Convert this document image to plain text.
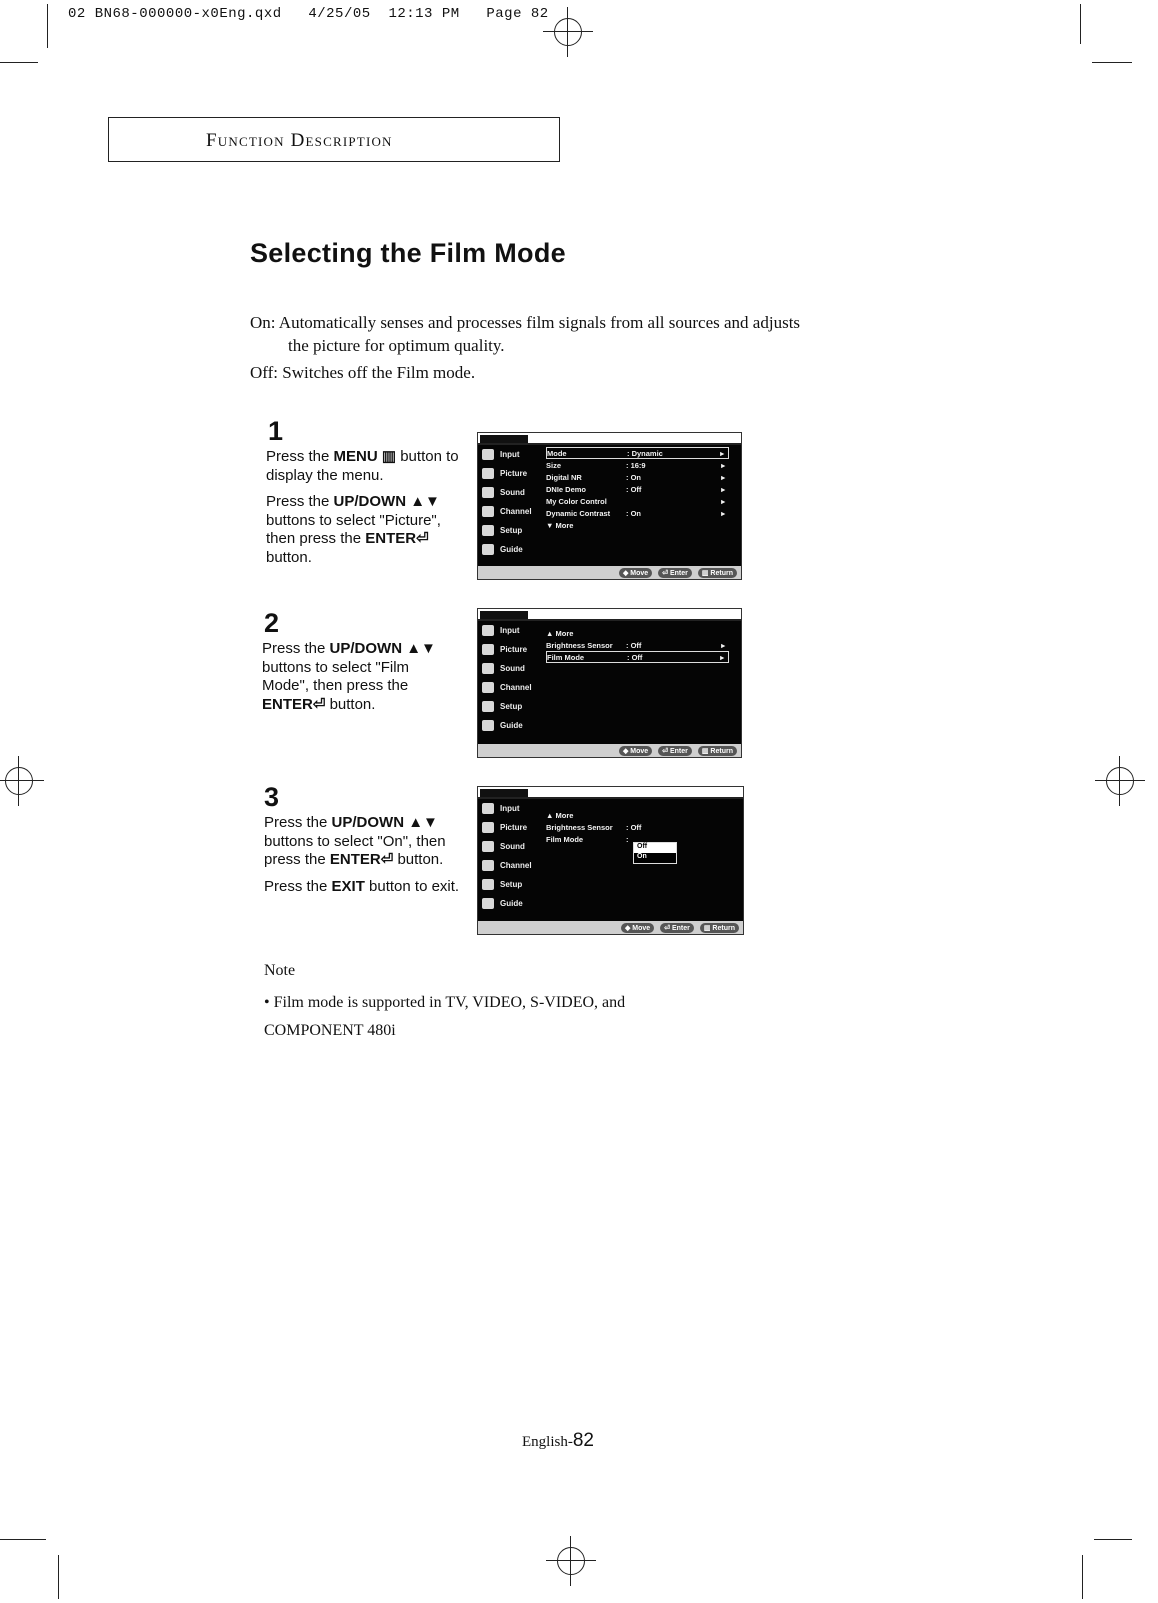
02 BN68-000000-x0Eng.qxd   4/25/05  12:13 PM   Page 82
Function Description
Selecting the Film Mode
On: Automatically senses and processes film signals from all sources and adjusts
the picture for optimum quality.
Off: Switches off the Film mode.
1

Press the MENU ▥ button to display the menu.

Press the UP/DOWN ▲▼ buttons to select "Picture", then press the ENTER⏎ button.

2

Press the UP/DOWN ▲▼ buttons to select "Film Mode", then press the ENTER⏎ button.

3

Press the UP/DOWN ▲▼ buttons to select "On", then press the ENTER⏎ button.

Press the EXIT button to exit.

Input
Picture
Sound
Channel
Setup
Guide
Mode	: Dynamic	▸
Size	: 16:9	▸
Digital NR	: On	▸
DNIe Demo	: Off	▸
My Color Control	▸
Dynamic Contrast	: On	▸
▼ More
◆ Move	⏎ Enter	▥ Return
Input
Picture
Sound
Channel
Setup
Guide
▲ More
Brightness Sensor	: Off	▸
Film Mode	: Off	▸
◆ Move	⏎ Enter	▥ Return
Input
Picture
Sound
Channel
Setup
Guide
▲ More
Brightness Sensor	: Off
Film Mode	:
Off
On
◆ Move	⏎ Enter	▥ Return
Note
• Film mode is supported in TV, VIDEO, S-VIDEO, and COMPONENT 480i
English-82
